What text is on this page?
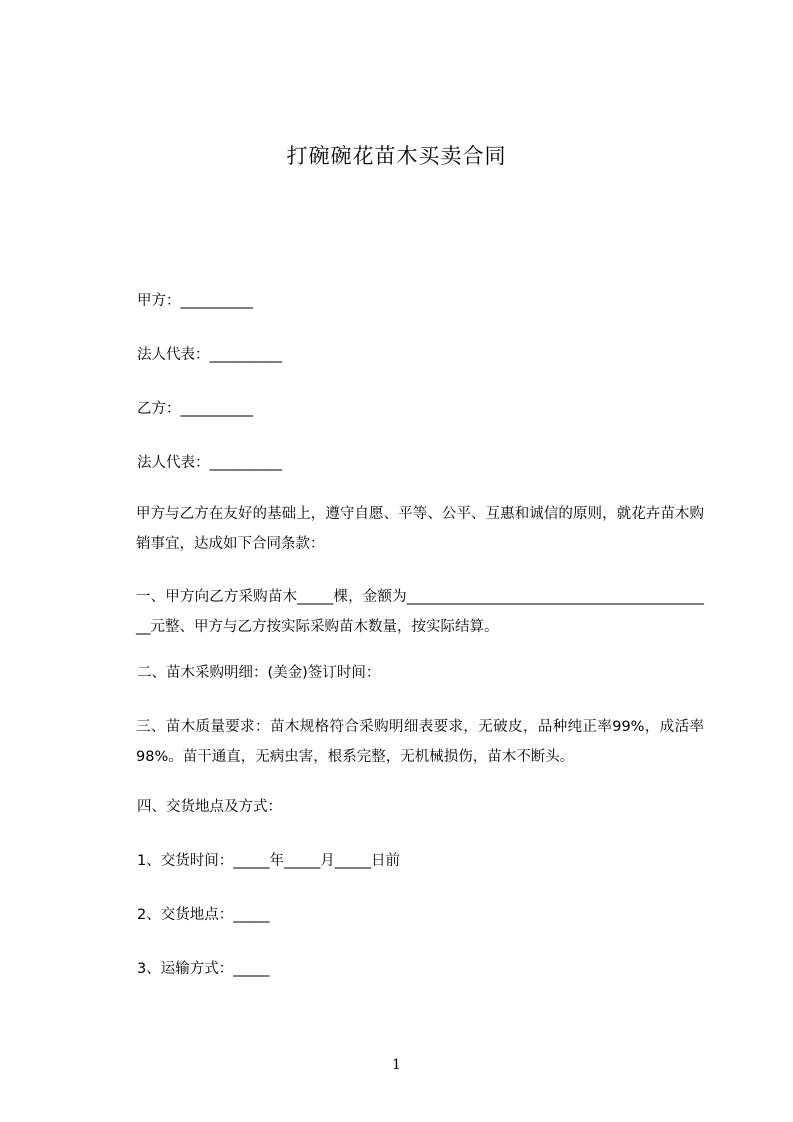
打碗碗花苗木买卖合同
甲方：__________
法人代表：__________
乙方：__________
法人代表：__________
甲方与乙方在友好的基础上，遵守自愿、平等、公平、互惠和诚信的原则，就花卉苗木购销事宜，达成如下合同条款：
一、甲方向乙方采购苗木_____棵，金额为___________________________________________元整、甲方与乙方按实际采购苗木数量，按实际结算。
二、苗木采购明细：(美金)签订时间：
三、苗木质量要求：苗木规格符合采购明细表要求，无破皮，品种纯正率99%，成活率98%。苗干通直，无病虫害，根系完整，无机械损伤，苗木不断头。
四、交货地点及方式：
1、交货时间：_____年_____月_____日前
2、交货地点：_____
3、运输方式：_____
1
